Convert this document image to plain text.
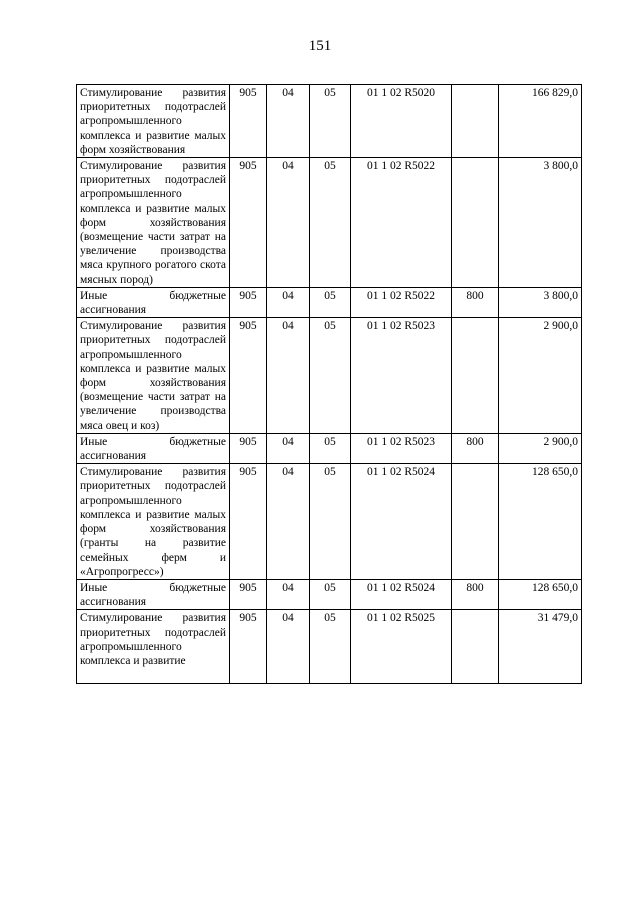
151
Стимулирование развития приоритетных подотраслей агропромышленного комплекса и развитие малых форм хозяйствования	905	04	05	01 1 02 R5020		166 829,0
Стимулирование развития приоритетных подотраслей агропромышленного комплекса и развитие малых форм хозяйствования (возмещение части затрат на увеличение производства мяса крупного рогатого скота мясных пород)	905	04	05	01 1 02 R5022		3 800,0
Иные бюджетные ассигнования	905	04	05	01 1 02 R5022	800	3 800,0
Стимулирование развития приоритетных подотраслей агропромышленного комплекса и развитие малых форм хозяйствования (возмещение части затрат на увеличение производства мяса овец и коз)	905	04	05	01 1 02 R5023		2 900,0
Иные бюджетные ассигнования	905	04	05	01 1 02 R5023	800	2 900,0
Стимулирование развития приоритетных подотраслей агропромышленного комплекса и развитие малых форм хозяйствования (гранты на развитие семейных ферм и «Агропрогресс»)	905	04	05	01 1 02 R5024		128 650,0
Иные бюджетные ассигнования	905	04	05	01 1 02 R5024	800	128 650,0
Стимулирование развития приоритетных подотраслей агропромышленного комплекса и развитие	905	04	05	01 1 02 R5025		31 479,0
